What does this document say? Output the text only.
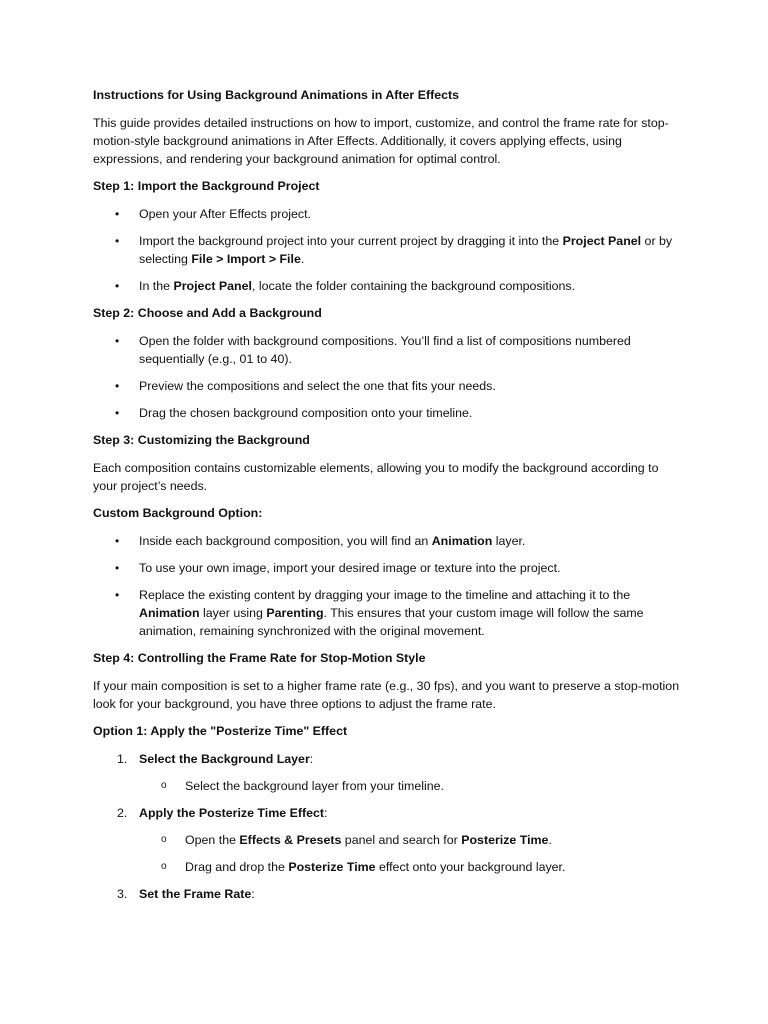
Instructions for Using Background Animations in After Effects

This guide provides detailed instructions on how to import, customize, and control the frame rate for stop-motion-style background animations in After Effects. Additionally, it covers applying effects, using expressions, and rendering your background animation for optimal control.

Step 1: Import the Background Project

• Open your After Effects project.
• Import the background project into your current project by dragging it into the Project Panel or by selecting File > Import > File.
• In the Project Panel, locate the folder containing the background compositions.

Step 2: Choose and Add a Background

• Open the folder with background compositions. You’ll find a list of compositions numbered sequentially (e.g., 01 to 40).
• Preview the compositions and select the one that fits your needs.
• Drag the chosen background composition onto your timeline.

Step 3: Customizing the Background

Each composition contains customizable elements, allowing you to modify the background according to your project’s needs.

Custom Background Option:

• Inside each background composition, you will find an Animation layer.
• To use your own image, import your desired image or texture into the project.
• Replace the existing content by dragging your image to the timeline and attaching it to the Animation layer using Parenting. This ensures that your custom image will follow the same animation, remaining synchronized with the original movement.

Step 4: Controlling the Frame Rate for Stop-Motion Style

If your main composition is set to a higher frame rate (e.g., 30 fps), and you want to preserve a stop-motion look for your background, you have three options to adjust the frame rate.

Option 1: Apply the "Posterize Time" Effect

1. Select the Background Layer:
o Select the background layer from your timeline.
2. Apply the Posterize Time Effect:
o Open the Effects & Presets panel and search for Posterize Time.
o Drag and drop the Posterize Time effect onto your background layer.
3. Set the Frame Rate:
